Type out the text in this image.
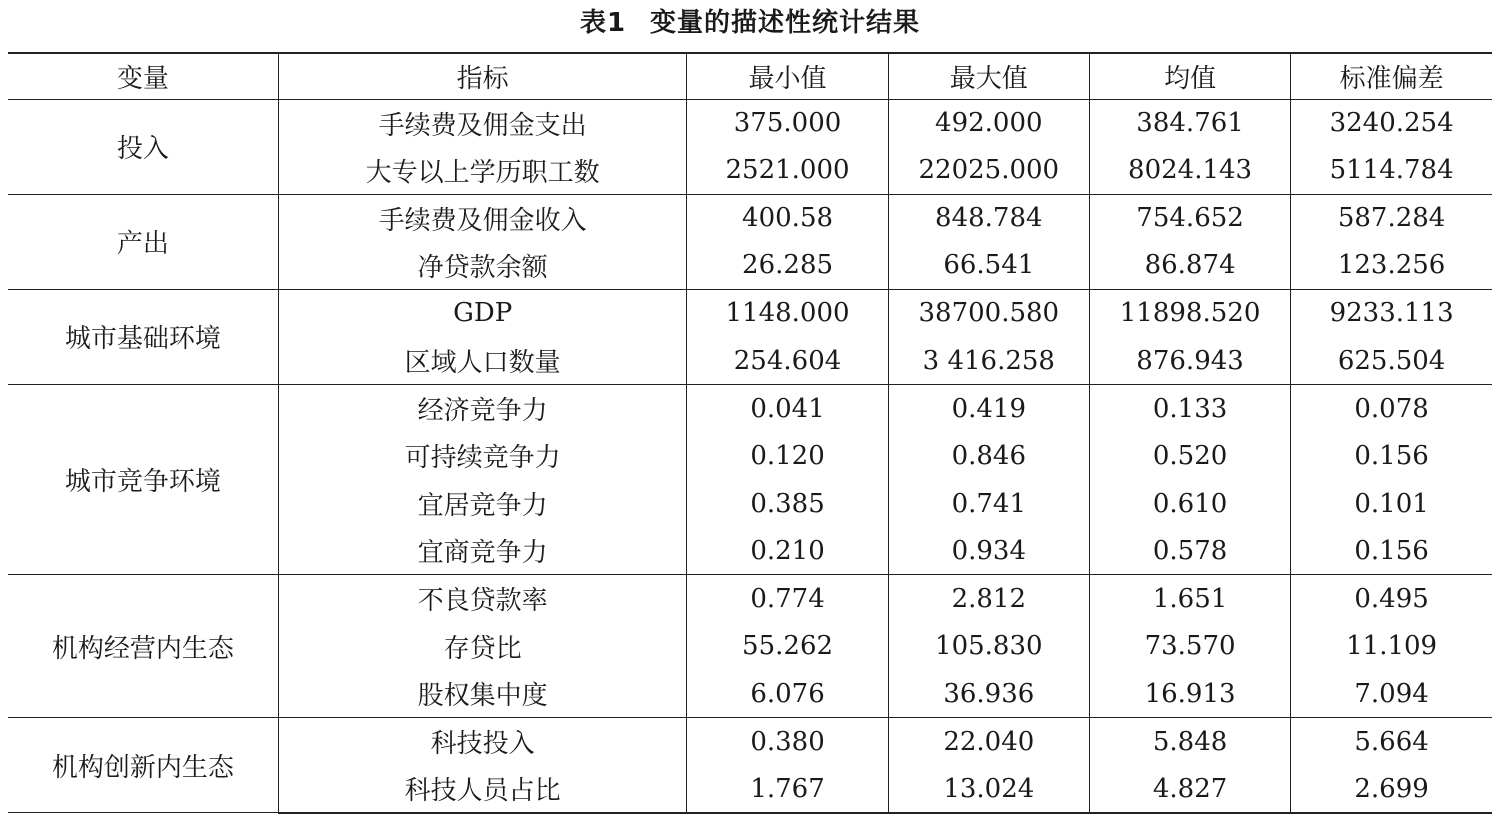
表1 变量的描述性统计结果
变量	指标	最小值	最大值	均值	标准偏差
投入	手续费及佣金支出	375.000	492.000	384.761	3240.254
	大专以上学历职工数	2521.000	22025.000	8024.143	5114.784
产出	手续费及佣金收入	400.58	848.784	754.652	587.284
	净贷款余额	26.285	66.541	86.874	123.256
城市基础环境	GDP	1148.000	38700.580	11898.520	9233.113
	区域人口数量	254.604	3 416.258	876.943	625.504
城市竞争环境	经济竞争力	0.041	0.419	0.133	0.078
	可持续竞争力	0.120	0.846	0.520	0.156
	宜居竞争力	0.385	0.741	0.610	0.101
	宜商竞争力	0.210	0.934	0.578	0.156
机构经营内生态	不良贷款率	0.774	2.812	1.651	0.495
	存贷比	55.262	105.830	73.570	11.109
	股权集中度	6.076	36.936	16.913	7.094
机构创新内生态	科技投入	0.380	22.040	5.848	5.664
	科技人员占比	1.767	13.024	4.827	2.699
